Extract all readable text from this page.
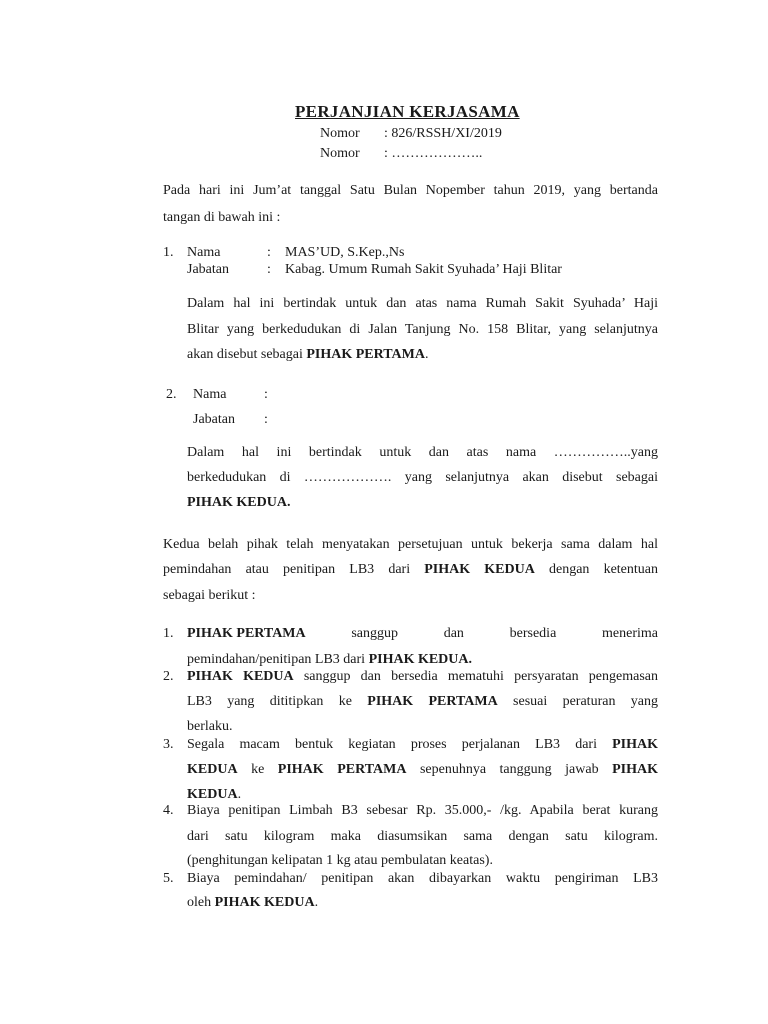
PERJANJIAN KERJASAMA
Nomor : 826/RSSH/XI/2019
Nomor : ………………..
Pada hari ini Jum’at tanggal Satu Bulan Nopember tahun 2019, yang bertanda
tangan di bawah ini :
1. Nama	: MAS’UD, S.Kep.,Ns
Jabatan	: Kabag. Umum Rumah Sakit Syuhada’ Haji Blitar
Dalam hal ini bertindak untuk dan atas nama Rumah Sakit Syuhada’ Haji
Blitar yang berkedudukan di Jalan Tanjung No. 158 Blitar, yang selanjutnya
akan disebut sebagai PIHAK PERTAMA.
2. Nama	:
Jabatan :
Dalam hal ini bertindak untuk dan atas nama ……………..yang
berkedudukan di ………………. yang selanjutnya akan disebut sebagai
PIHAK KEDUA.
Kedua belah pihak telah menyatakan persetujuan untuk bekerja sama dalam hal
pemindahan atau penitipan LB3 dari PIHAK KEDUA dengan ketentuan
sebagai berikut :
1. PIHAK PERTAMA	sanggup	dan	bersedia	menerima
pemindahan/penitipan LB3 dari PIHAK KEDUA.
2. PIHAK KEDUA sanggup dan bersedia mematuhi persyaratan pengemasan
LB3 yang dititipkan ke PIHAK PERTAMA sesuai peraturan yang
berlaku.
3. Segala macam bentuk kegiatan proses perjalanan LB3 dari PIHAK
KEDUA ke PIHAK PERTAMA sepenuhnya tanggung jawab PIHAK
KEDUA.
4. Biaya penitipan Limbah B3 sebesar Rp. 35.000,- /kg. Apabila berat kurang
dari satu kilogram maka diasumsikan sama dengan satu kilogram.
(penghitungan kelipatan 1 kg atau pembulatan keatas).
5. Biaya pemindahan/ penitipan akan dibayarkan waktu pengiriman LB3
oleh PIHAK KEDUA.
